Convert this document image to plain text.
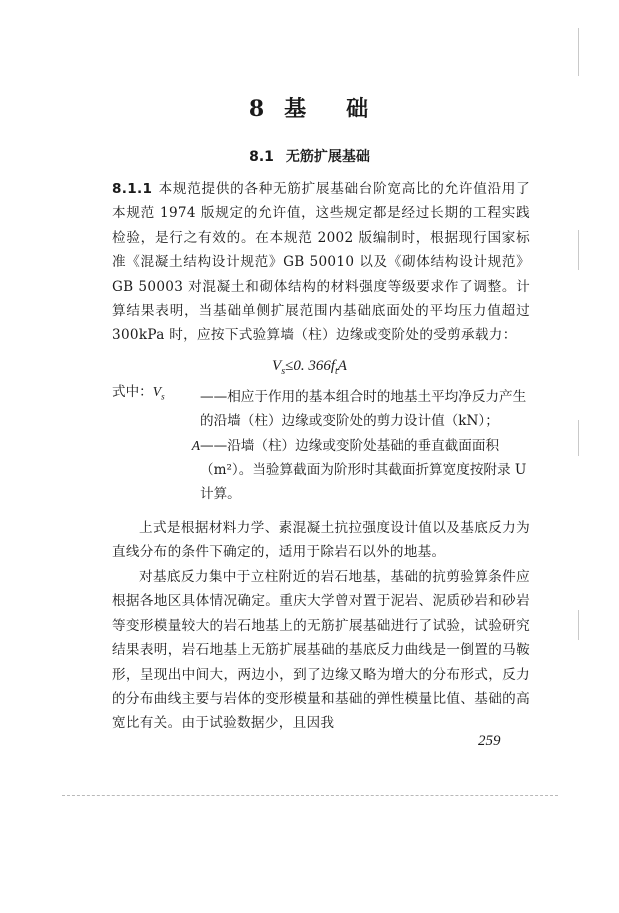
8 基 础
8.1 无筋扩展基础

8.1.1 本规范提供的各种无筋扩展基础台阶宽高比的允许值沿用了本规范 1974 版规定的允许值，这些规定都是经过长期的工程实践检验，是行之有效的。在本规范 2002 版编制时，根据现行国家标准《混凝土结构设计规范》GB 50010 以及《砌体结构设计规范》GB 50003 对混凝土和砌体结构的材料强度等级要求作了调整。计算结果表明，当基础单侧扩展范围内基础底面处的平均压力值超过 300kPa 时，应按下式验算墙（柱）边缘或变阶处的受剪承载力：

$V_s\le 0$. $366f_tA$
式中：$V_s$	——相应于作用的基本组合时的地基土平均净反力产生的沿墙（柱）边缘或变阶处的剪力设计值（kN）；
A ——沿墙（柱）边缘或变阶处基础的垂直截面面积（m²）。当验算截面为阶形时其截面折算宽度按附录 U 计算。
上式是根据材料力学、素混凝土抗拉强度设计值以及基底反力为直线分布的条件下确定的，适用于除岩石以外的地基。
对基底反力集中于立柱附近的岩石地基，基础的抗剪验算条件应根据各地区具体情况确定。重庆大学曾对置于泥岩、泥质砂岩和砂岩等变形模量较大的岩石地基上的无筋扩展基础进行了试验，试验研究结果表明，岩石地基上无筋扩展基础的基底反力曲线是一倒置的马鞍形，呈现出中间大，两边小，到了边缘又略为增大的分布形式，反力的分布曲线主要与岩体的变形模量和基础的弹性模量比值、基础的高宽比有关。由于试验数据少，且因我
259
